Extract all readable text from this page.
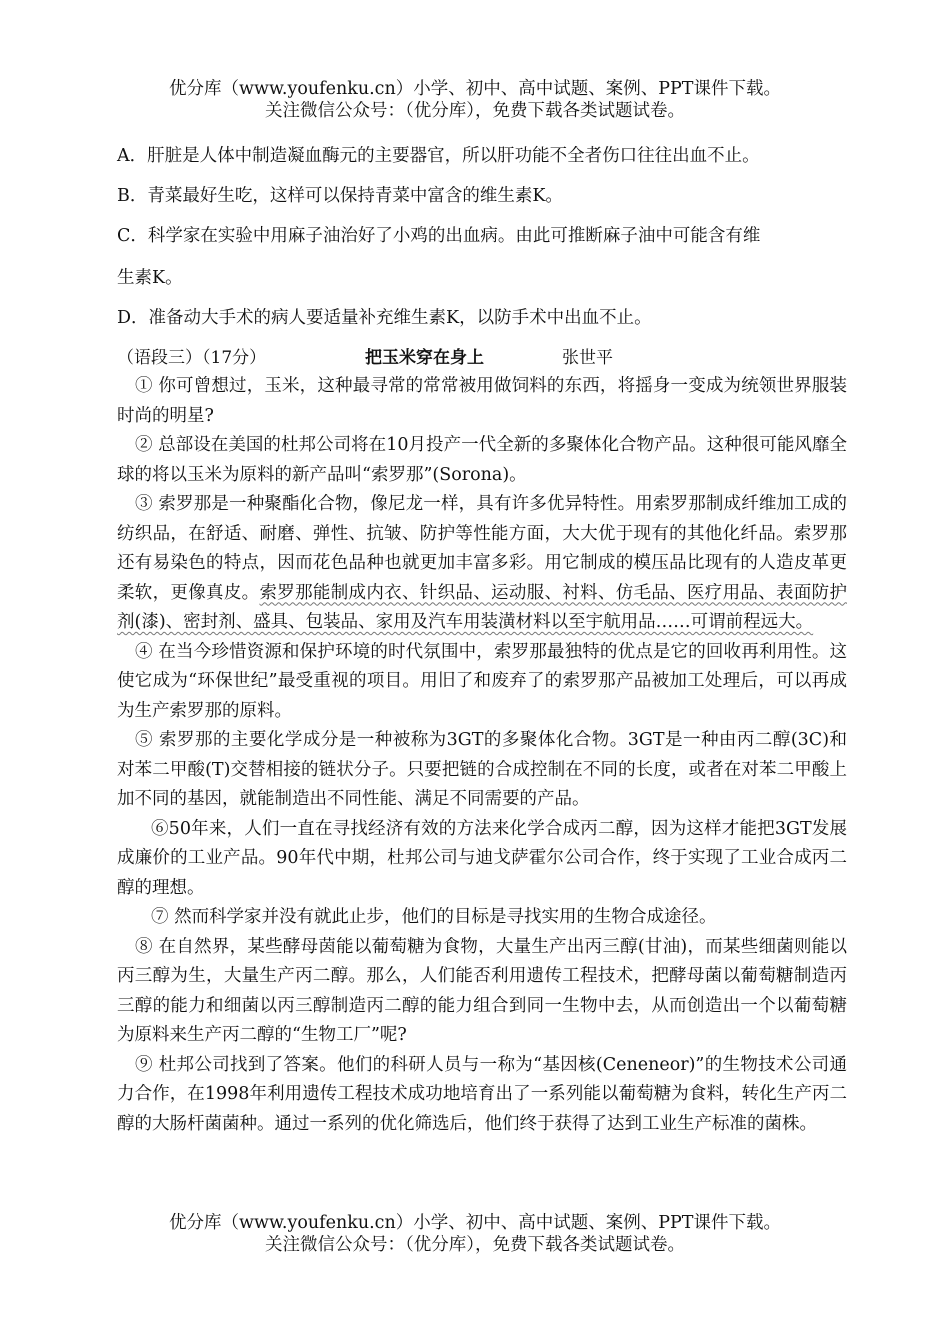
优分库（www.youfenku.cn）小学、初中、高中试题、案例、PPT课件下载。
关注微信公众号：（优分库），免费下载各类试题试卷。
A．肝脏是人体中制造凝血酶元的主要器官，所以肝功能不全者伤口往往出血不止。
B．青菜最好生吃，这样可以保持青菜中富含的维生素K。
C．科学家在实验中用麻子油治好了小鸡的出血病。由此可推断麻子油中可能含有维
生素K。
D．准备动大手术的病人要适量补充维生素K，以防手术中出血不止。
（语段三）（17分）	把玉米穿在身上	张世平

① 你可曾想过，玉米，这种最寻常的常常被用做饲料的东西，将摇身一变成为统领世界服装时尚的明星?

② 总部设在美国的杜邦公司将在10月投产一代全新的多聚体化合物产品。这种很可能风靡全球的将以玉米为原料的新产品叫“索罗那”(Sorona)。

③ 索罗那是一种聚酯化合物，像尼龙一样，具有许多优异特性。用索罗那制成纤维加工成的纺织品，在舒适、耐磨、弹性、抗皱、防护等性能方面，大大优于现有的其他化纤品。索罗那还有易染色的特点，因而花色品种也就更加丰富多彩。用它制成的模压品比现有的人造皮革更柔软，更像真皮。索罗那能制成内衣、针织品、运动服、衬料、仿毛品、医疗用品、表面防护剂(漆)、密封剂、盛具、包装品、家用及汽车用装潢材料以至宇航用品……可谓前程远大。

④ 在当今珍惜资源和保护环境的时代氛围中，索罗那最独特的优点是它的回收再利用性。这使它成为“环保世纪”最受重视的项目。用旧了和废弃了的索罗那产品被加工处理后，可以再成为生产索罗那的原料。

⑤ 索罗那的主要化学成分是一种被称为3GT的多聚体化合物。3GT是一种由丙二醇(3C)和对苯二甲酸(T)交替相接的链状分子。只要把链的合成控制在不同的长度，或者在对苯二甲酸上加不同的基因，就能制造出不同性能、满足不同需要的产品。

⑥50年来，人们一直在寻找经济有效的方法来化学合成丙二醇，因为这样才能把3GT发展成廉价的工业产品。90年代中期，杜邦公司与迪戈萨霍尔公司合作，终于实现了工业合成丙二醇的理想。

⑦ 然而科学家并没有就此止步，他们的目标是寻找实用的生物合成途径。

⑧ 在自然界，某些酵母茵能以葡萄糖为食物，大量生产出丙三醇(甘油)，而某些细菌则能以丙三醇为生，大量生产丙二醇。那么，人们能否利用遗传工程技术，把酵母菌以葡萄糖制造丙三醇的能力和细菌以丙三醇制造丙二醇的能力组合到同一生物中去，从而创造出一个以葡萄糖为原料来生产丙二醇的“生物工厂”呢?

⑨ 杜邦公司找到了答案。他们的科研人员与一称为“基因核(Ceneneor)”的生物技术公司通力合作，在1998年利用遗传工程技术成功地培育出了一系列能以葡萄糖为食料，转化生产丙二醇的大肠杆菌菌种。通过一系列的优化筛选后，他们终于获得了达到工业生产标准的菌株。

优分库（www.youfenku.cn）小学、初中、高中试题、案例、PPT课件下载。
关注微信公众号：（优分库），免费下载各类试题试卷。
